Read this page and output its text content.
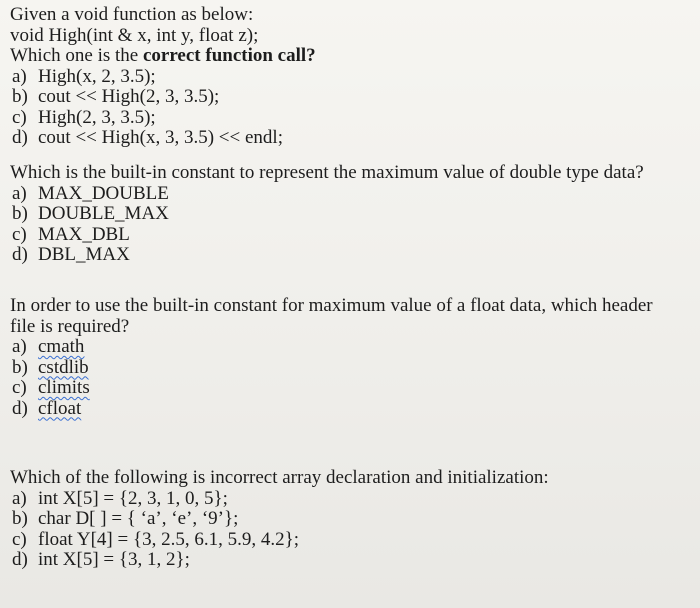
Given a void function as below:
void High(int & x, int y, float z);
Which one is the correct function call?
a) High(x, 2, 3.5);
b) cout << High(2, 3, 3.5);
c) High(2, 3, 3.5);
d) cout << High(x, 3, 3.5) << endl;
Which is the built-in constant to represent the maximum value of double type data?
a) MAX_DOUBLE
b) DOUBLE_MAX
c) MAX_DBL
d) DBL_MAX
In order to use the built-in constant for maximum value of a float data, which header
file is required?
a) cmath
b) cstdlib
c) climits
d) cfloat
Which of the following is incorrect array declaration and initialization:
a) int X[5] = {2, 3, 1, 0, 5};
b) char D[ ] = { ‘a’, ‘e’, ‘9’};
c) float Y[4] = {3, 2.5, 6.1, 5.9, 4.2};
d) int X[5] = {3, 1, 2};
